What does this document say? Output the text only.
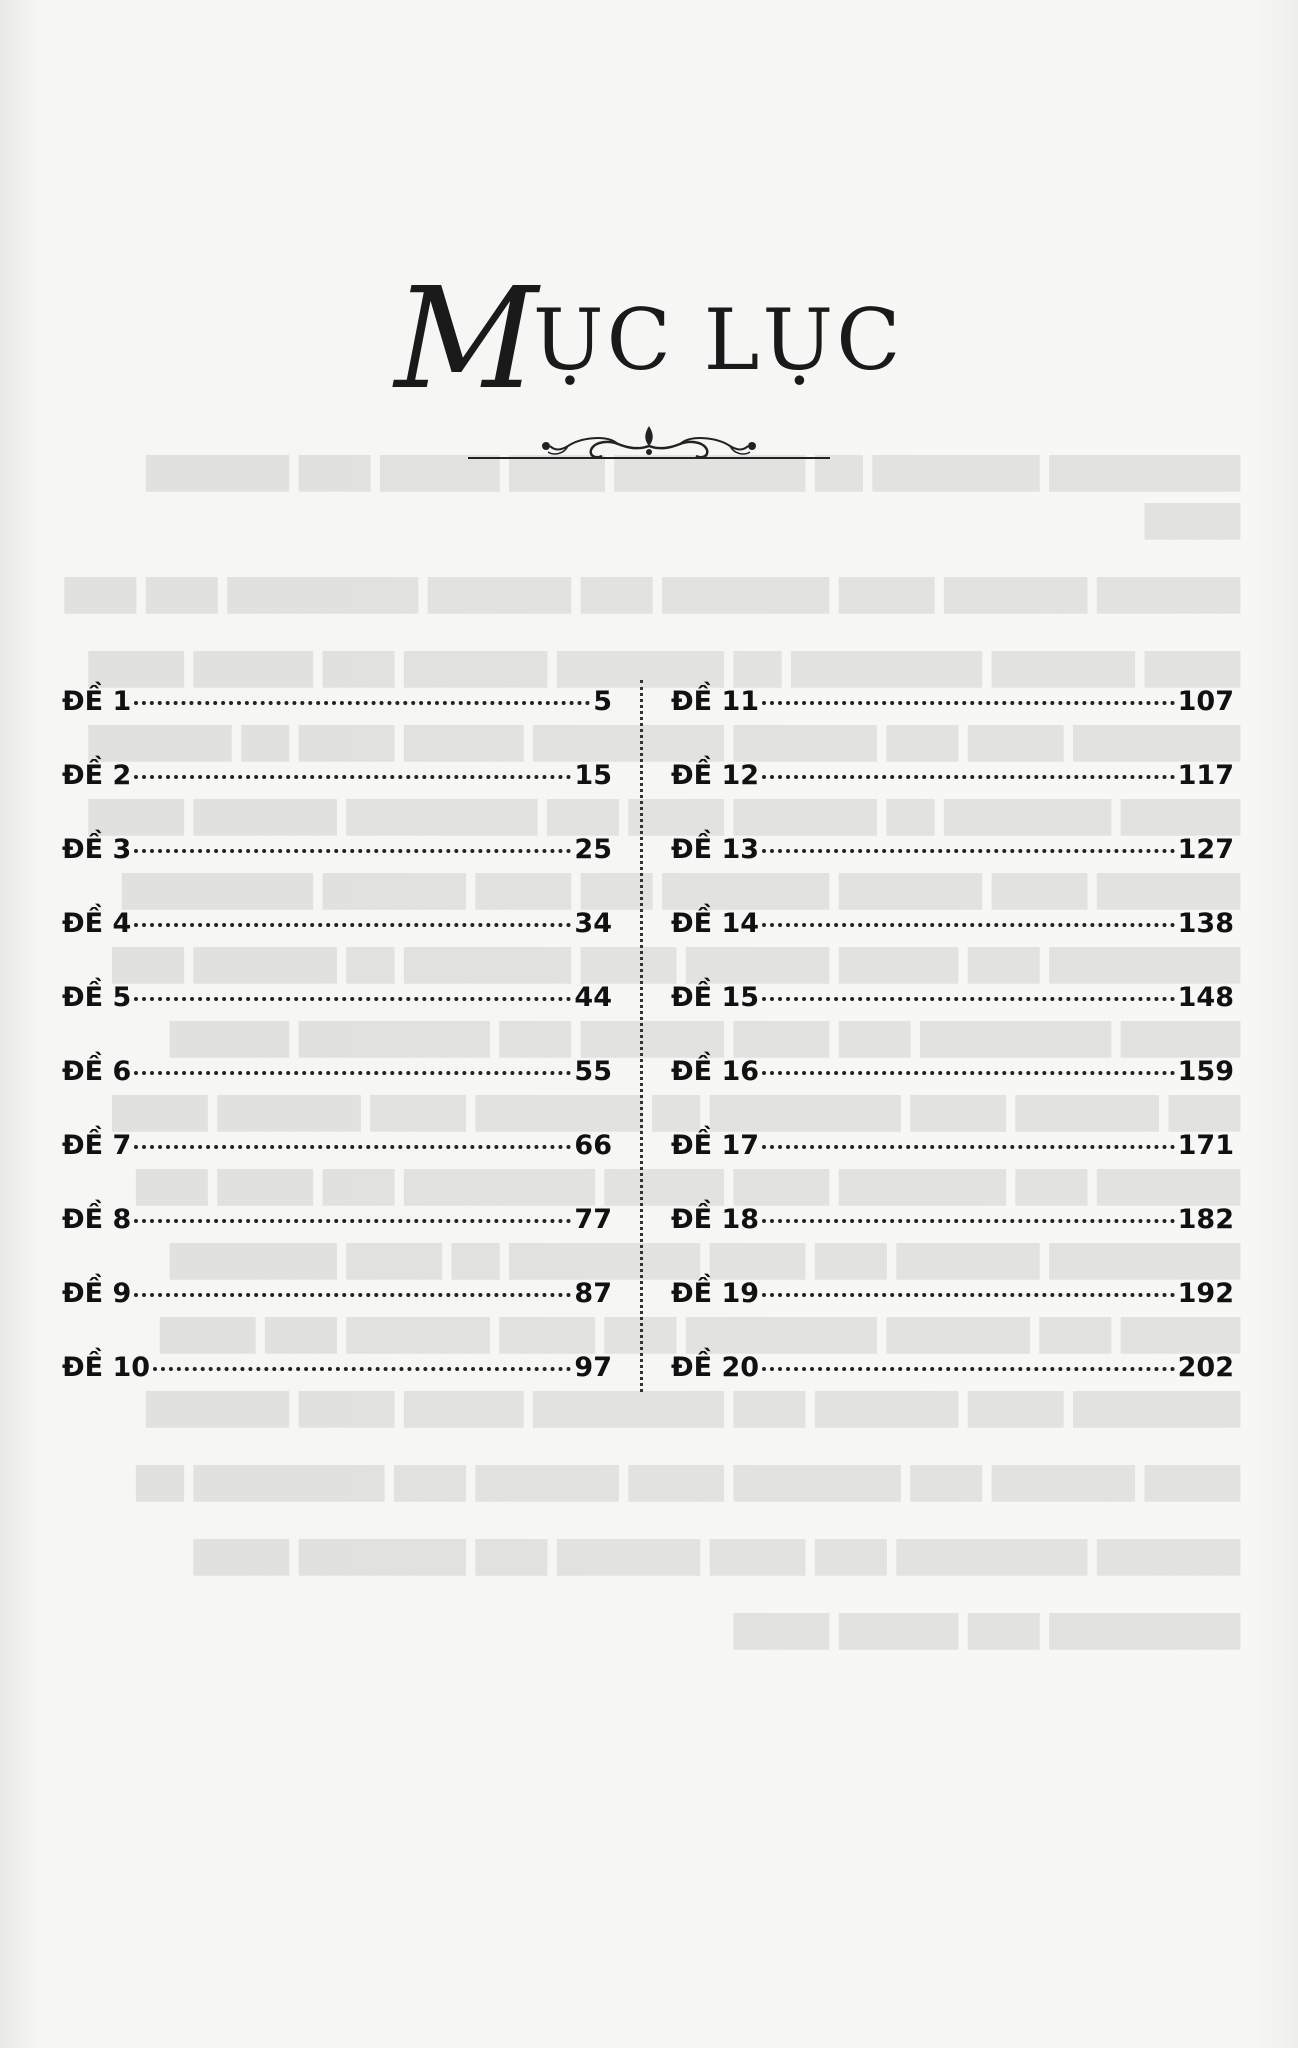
████████ ███████ ██ ████████ ████ █████ ███ ██████ ████

██████ ██████ ████ ███████ ███ ██████ ████████ ███ ███

████ ██████ ████████ ██ ███████ ██████ ███ █████ ████

███████ ████ ███ ██████ ████████ █████ ████ ██ ██████

█████ ███████ ██ ██████ ████ ███ ████████ ██████ ████

██████ ████ ██████ ███████ ███ ████ ██████ ████████

████████ ███ █████ ██████ ████ ███████ ██ ██████ ███

█████ ████████ ███ ████ ██████ ███ ████████ █████

███ ██████ ████ ████████ ██ ███████ ████ ██████ ████

██████ ███ ███████ ████ █████ ████████ ███ ████ ███

████████ ██████ ███ ████ ████████ ██ ████ ███████

█████ ███ ██████ ████████ ███ ████ ██████ ███ ████

███████ ████ ██████ ███ ████████ █████ ████ ██████

████ ██████ ███ ███████ ████ ██████ ███ ████████ ██

██████ ████████ ███ ████ ██████ ███ ███████ ████

████████ ███ █████ ████

MỤC LỤC
ĐỀ 1	5
ĐỀ 2	15
ĐỀ 3	25
ĐỀ 4	34
ĐỀ 5	44
ĐỀ 6	55
ĐỀ 7	66
ĐỀ 8	77
ĐỀ 9	87
ĐỀ 10	97
ĐỀ 11	107
ĐỀ 12	117
ĐỀ 13	127
ĐỀ 14	138
ĐỀ 15	148
ĐỀ 16	159
ĐỀ 17	171
ĐỀ 18	182
ĐỀ 19	192
ĐỀ 20	202
